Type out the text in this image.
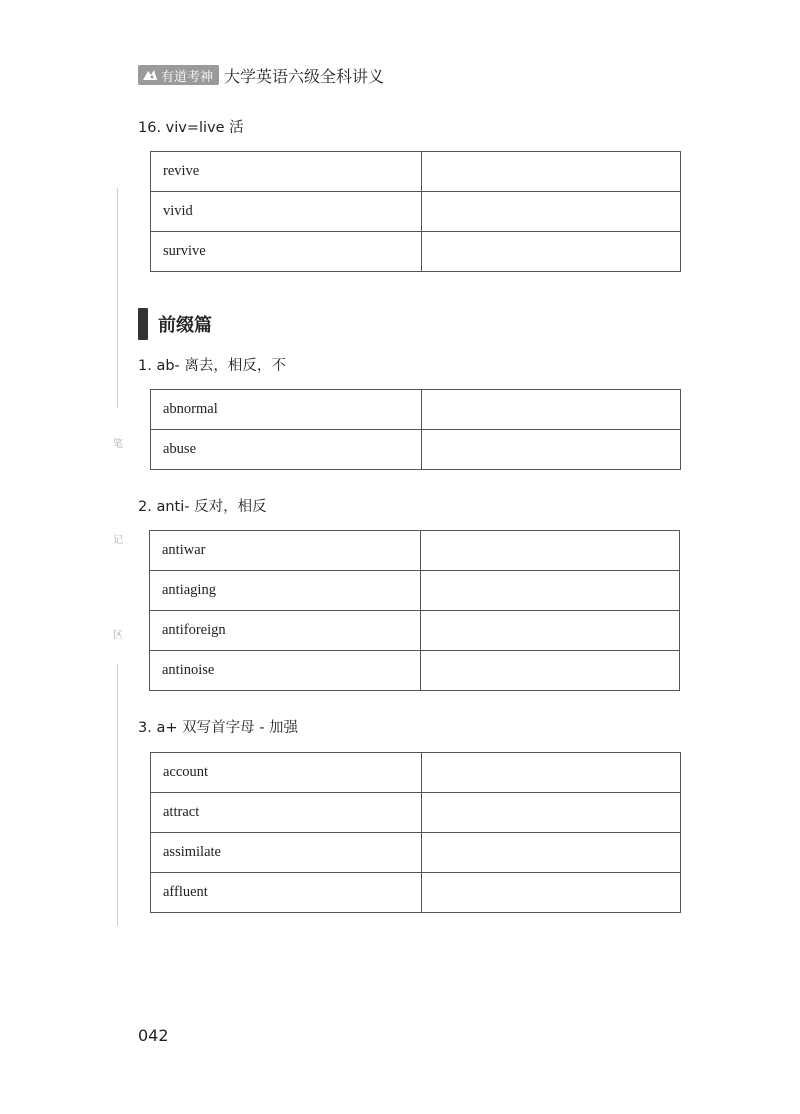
有道考神 大学英语六级全科讲义
笔
记
区
16. viv=live 活
revive	
vivid	
survive	
前缀篇
1. ab- 离去，相反，不
abnormal	
abuse	
2. anti- 反对，相反
antiwar	
antiaging	
antiforeign	
antinoise	
3. a+ 双写首字母 - 加强
account	
attract	
assimilate	
affluent	
042
